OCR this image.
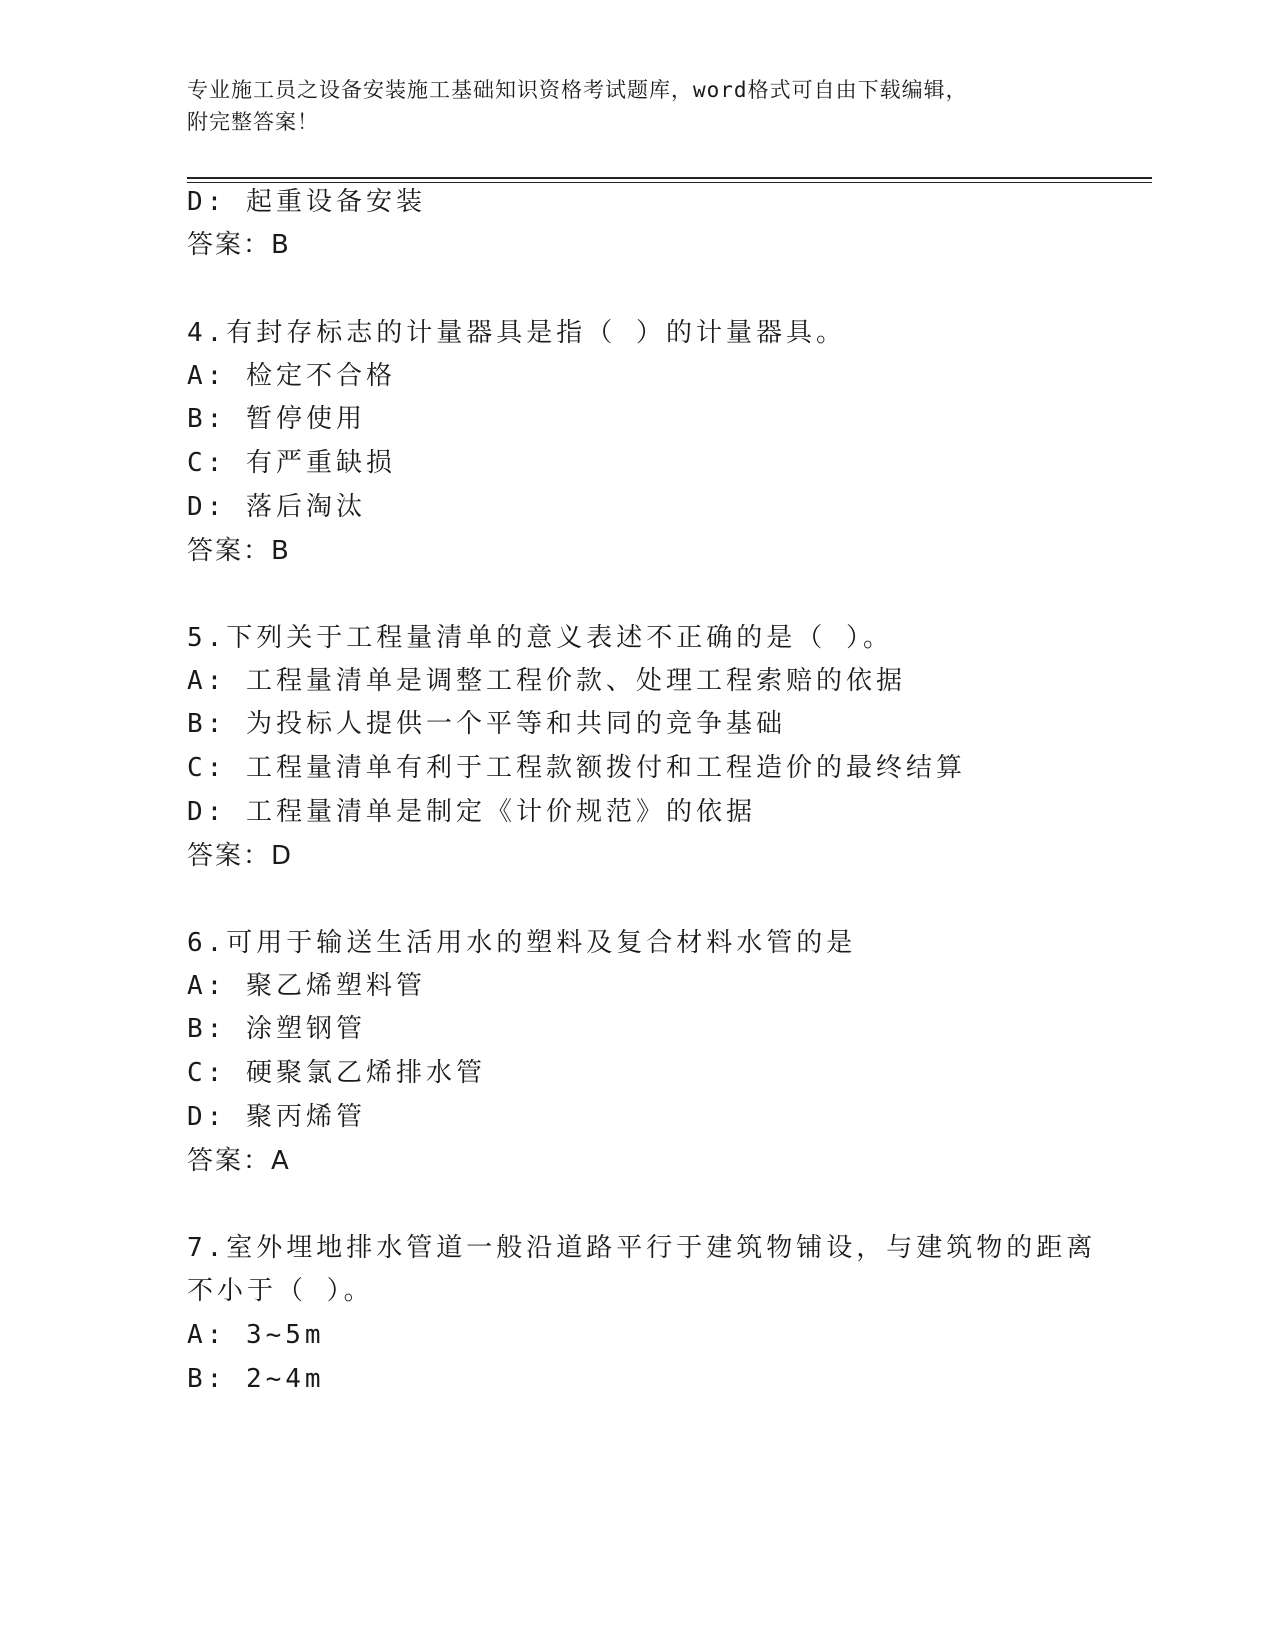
专业施工员之设备安装施工基础知识资格考试题库，word格式可自由下载编辑，
附完整答案！
D: 起重设备安装
答案：B
4.有封存标志的计量器具是指（ ）的计量器具。
A: 检定不合格
B: 暂停使用
C: 有严重缺损
D: 落后淘汰
答案：B
5.下列关于工程量清单的意义表述不正确的是（ ）。
A: 工程量清单是调整工程价款、处理工程索赔的依据
B: 为投标人提供一个平等和共同的竞争基础
C: 工程量清单有利于工程款额拨付和工程造价的最终结算
D: 工程量清单是制定《计价规范》的依据
答案：D
6.可用于输送生活用水的塑料及复合材料水管的是
A: 聚乙烯塑料管
B: 涂塑钢管
C: 硬聚氯乙烯排水管
D: 聚丙烯管
答案：A
7.室外埋地排水管道一般沿道路平行于建筑物铺设，与建筑物的距离
不小于（ ）。
A: 3~5m
B: 2~4m
